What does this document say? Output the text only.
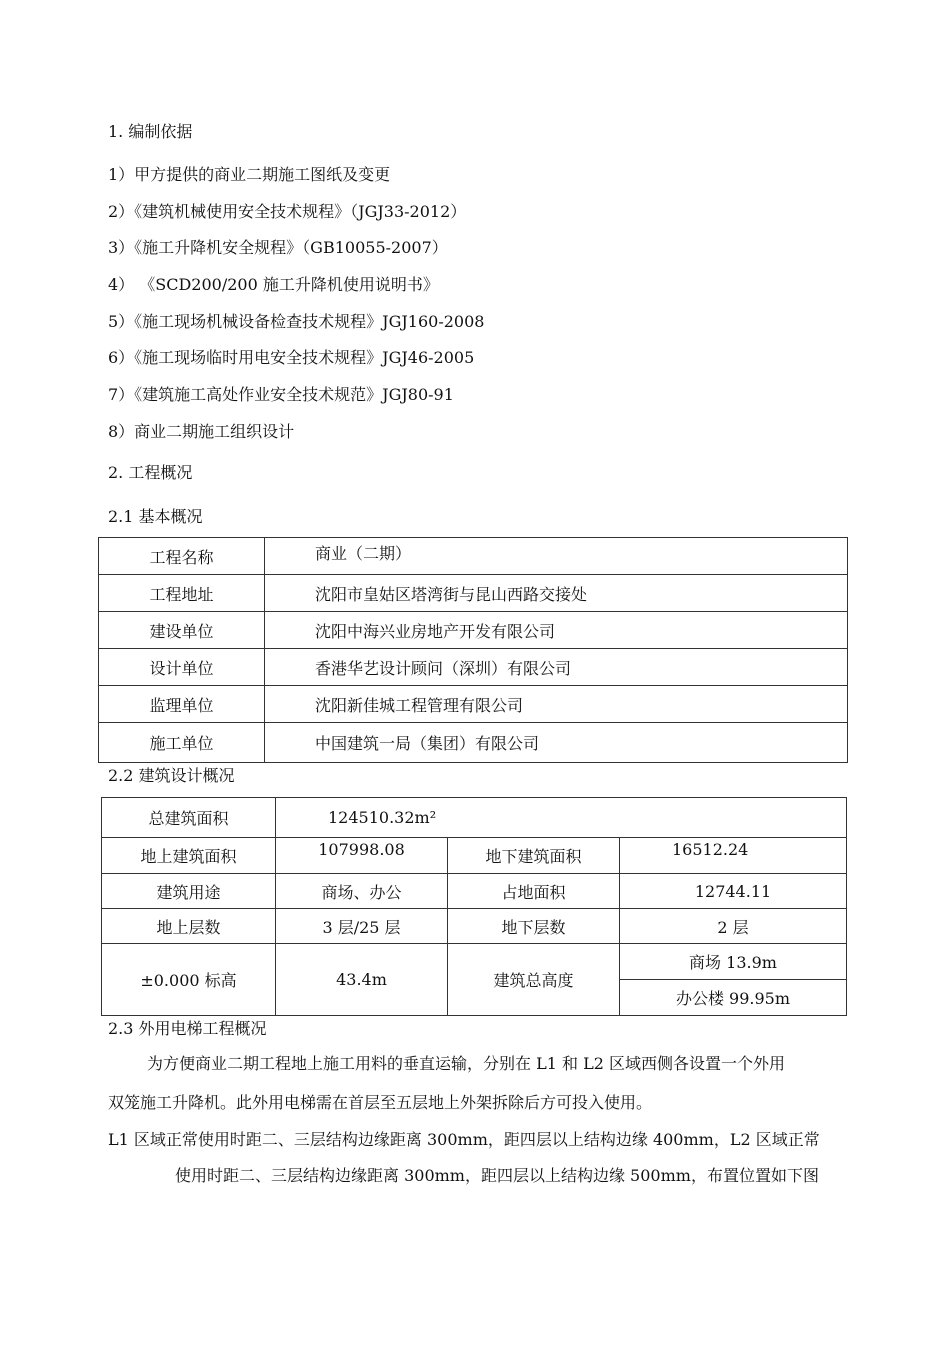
1. 编制依据
1）甲方提供的商业二期施工图纸及变更
2）《建筑机械使用安全技术规程》（JGJ33-2012）
3）《施工升降机安全规程》（GB10055-2007）
4） 《SCD200/200 施工升降机使用说明书》
5）《施工现场机械设备检查技术规程》JGJ160-2008
6）《施工现场临时用电安全技术规程》JGJ46-2005
7）《建筑施工高处作业安全技术规范》JGJ80-91
8）商业二期施工组织设计
2. 工程概况
2.1 基本概况
工程名称	商业（二期）
工程地址	沈阳市皇姑区塔湾街与昆山西路交接处
建设单位	沈阳中海兴业房地产开发有限公司
设计单位	香港华艺设计顾问（深圳）有限公司
监理单位	沈阳新佳城工程管理有限公司
施工单位	中国建筑一局（集团）有限公司
2.2 建筑设计概况
总建筑面积	124510.32m²		
地上建筑面积	107998.08	地下建筑面积	16512.24
建筑用途	商场、办公	占地面积	12744.11
地上层数	3 层/25 层	地下层数	2 层
±0.000 标高	43.4m	建筑总高度	商场 13.9m
			办公楼 99.95m
2.3 外用电梯工程概况
为方便商业二期工程地上施工用料的垂直运输，分别在 L1 和 L2 区域西侧各设置一个外用
双笼施工升降机。此外用电梯需在首层至五层地上外架拆除后方可投入使用。
L1 区域正常使用时距二、三层结构边缘距离 300mm，距四层以上结构边缘 400mm，L2 区域正常
使用时距二、三层结构边缘距离 300mm，距四层以上结构边缘 500mm，布置位置如下图
